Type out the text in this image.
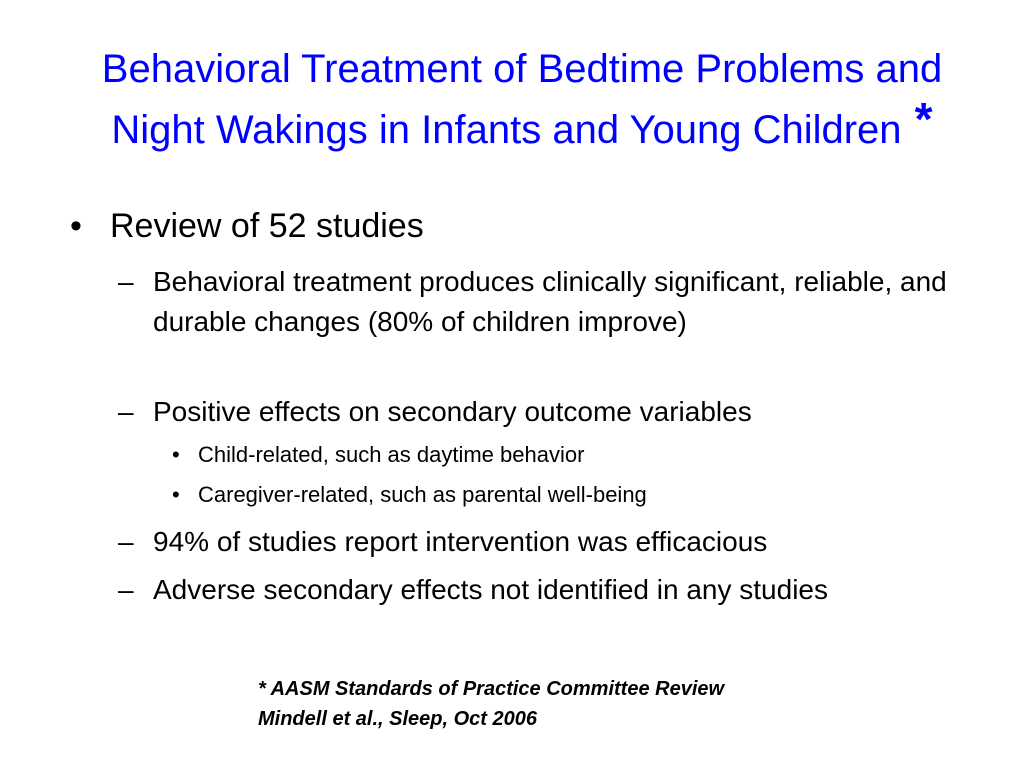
Behavioral Treatment of Bedtime Problems and
Night Wakings in Infants and Young Children *
• Review of 52 studies
– Behavioral treatment produces clinically significant, reliable, and durable changes (80% of children improve)
– Positive effects on secondary outcome variables
• Child-related, such as daytime behavior
• Caregiver-related, such as parental well-being
– 94% of studies report intervention was efficacious
– Adverse secondary effects not identified in any studies
* AASM Standards of Practice Committee Review
Mindell et al., Sleep, Oct 2006
